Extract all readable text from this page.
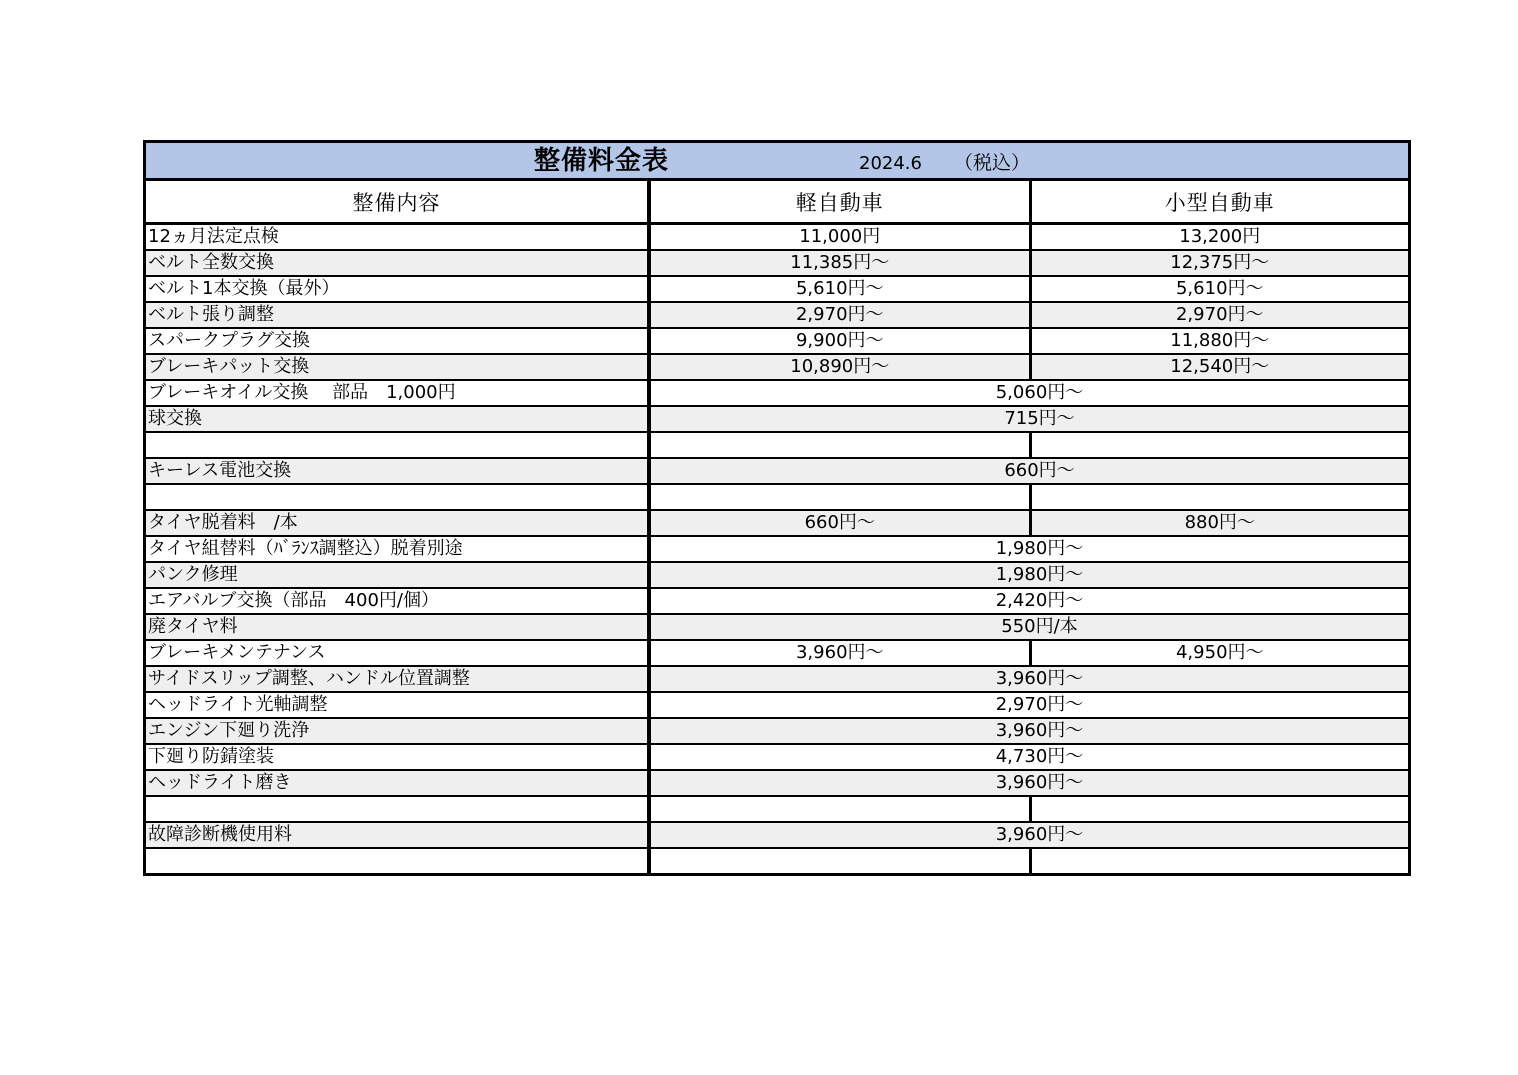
整備料金表	2024.6 （税込）
整備内容	軽自動車	小型自動車
12ヵ月法定点検	11,000円	13,200円
ベルト全数交換	11,385円～	12,375円～
ベルト1本交換（最外）	5,610円～	5,610円～
ベルト張り調整	2,970円～	2,970円～
スパークプラグ交換	9,900円～	11,880円～
ブレーキパット交換	10,890円～	12,540円～
ブレーキオイル交換　 部品　1,000円	5,060円～	
球交換	715円～	

キーレス電池交換	660円～	

タイヤ脱着料　/本	660円～	880円～
タイヤ組替料（ﾊﾞﾗﾝｽ調整込）脱着別途	1,980円～	
パンク修理	1,980円～	
エアバルブ交換（部品　400円/個）	2,420円～	
廃タイヤ料	550円/本	
ブレーキメンテナンス	3,960円～	4,950円～
サイドスリップ調整、ハンドル位置調整	3,960円～	
ヘッドライト光軸調整	2,970円～	
エンジン下廻り洗浄	3,960円～	
下廻り防錆塗装	4,730円～	
ヘッドライト磨き	3,960円～	

故障診断機使用料	3,960円～	
